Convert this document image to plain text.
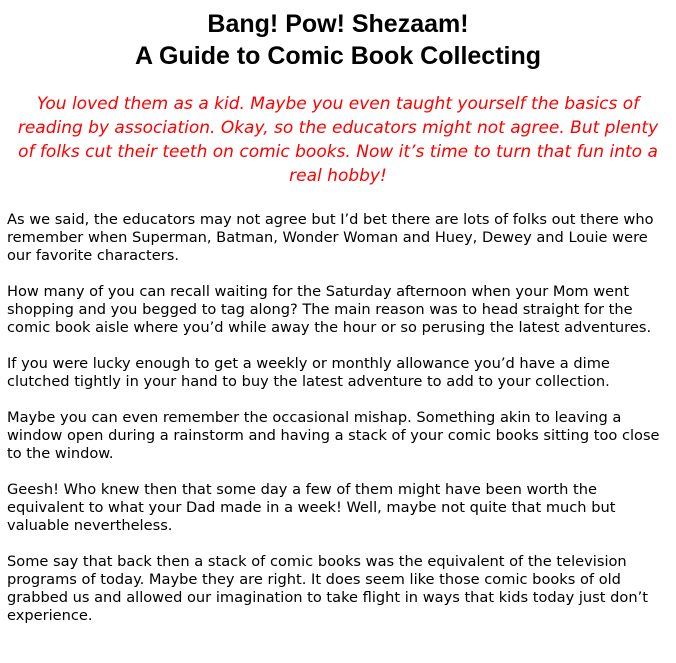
Bang! Pow! Shezaam!
A Guide to Comic Book Collecting

You loved them as a kid. Maybe you even taught yourself the basics of reading by association. Okay, so the educators might not agree. But plenty of folks cut their teeth on comic books. Now it’s time to turn that fun into a real hobby!

As we said, the educators may not agree but I’d bet there are lots of folks out there who remember when Superman, Batman, Wonder Woman and Huey, Dewey and Louie were our favorite characters.

How many of you can recall waiting for the Saturday afternoon when your Mom went shopping and you begged to tag along? The main reason was to head straight for the comic book aisle where you’d while away the hour or so perusing the latest adventures.

If you were lucky enough to get a weekly or monthly allowance you’d have a dime clutched tightly in your hand to buy the latest adventure to add to your collection.

Maybe you can even remember the occasional mishap. Something akin to leaving a window open during a rainstorm and having a stack of your comic books sitting too close to the window.

Geesh! Who knew then that some day a few of them might have been worth the equivalent to what your Dad made in a week! Well, maybe not quite that much but valuable nevertheless.

Some say that back then a stack of comic books was the equivalent of the television programs of today. Maybe they are right. It does seem like those comic books of old grabbed us and allowed our imagination to take flight in ways that kids today just don’t experience.
